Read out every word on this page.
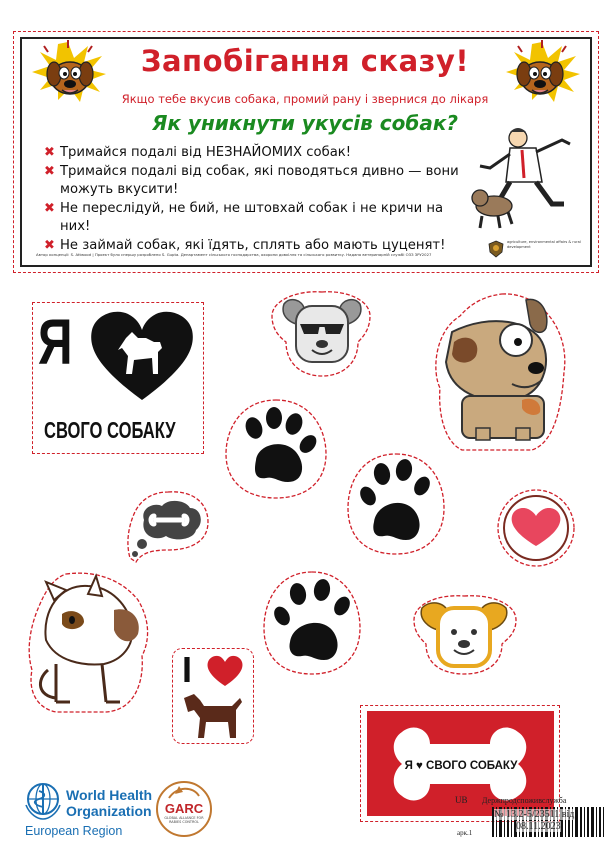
Запобігання сказу!
Якщо тебе вкусив собака, промий рану і звернися до лікаря
Як уникнути укусів собак?
✖ Тримайся подалі від НЕЗНАЙОМИХ собак!
✖ Тримайся подалі від собак, які поводяться дивно — вони можуть вкусити!
✖ Не переслідуй, не бий, не штовхай собак і не кричи на них!
✖ Не займай собак, які їдять, сплять або мають цуценят!
Автор концепції: S. Attwood | Проект було спершу розроблено S. Gupta. Департамент сільського господарства, охорони довкілля та сільського розвитку. Надано ветеринарній службі ОЗЗ ЗРУ2027
agriculture, environmental affairs & rural development
Я
СВОГО СОБАКУ
I
Я ♥ СВОГО СОБАКУ
World Health
Organization
European Region
GARC
GLOBAL ALLIANCE FOR RABIES CONTROL
UB Держпродспоживслужба
№ 13.2-5/23511 від
08.11.2023
арк.1
